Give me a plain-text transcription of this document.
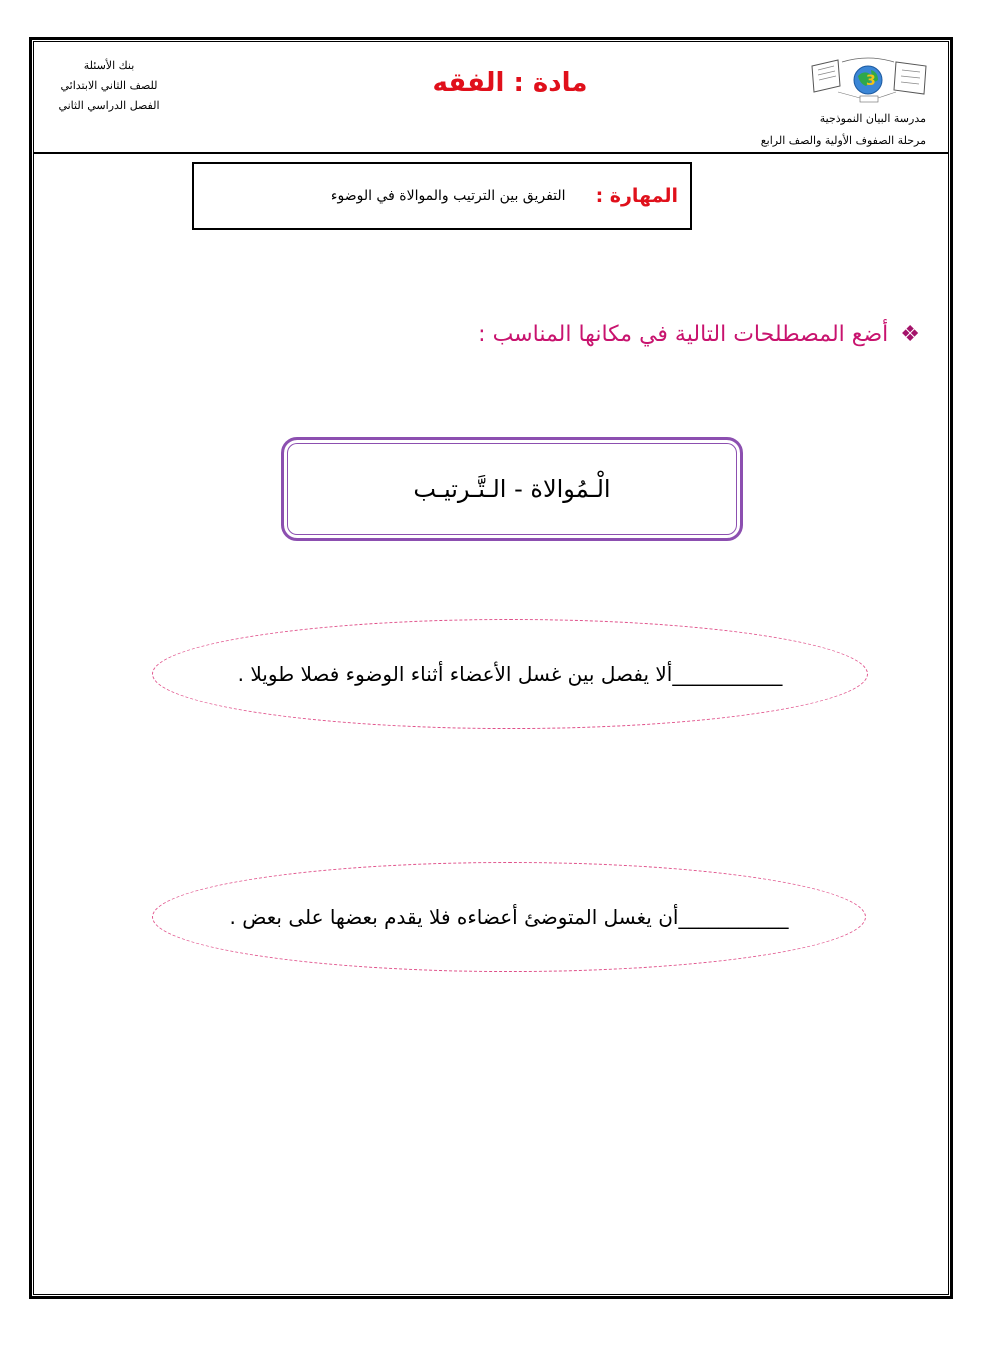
بنك الأسئلة
للصف الثاني الابتدائي
الفصل الدراسي الثاني
مادة : الفقه	3
مدرسة البيان النموذجية
مرحلة الصفوف الأولية والصف الرابع
المهارة :
التفريق بين الترتيب والموالاة في الوضوء
❖
أضع المصطلحات التالية في مكانها المناسب :
الْـمُوالاة - الـتَّـرتيـب
___________ألا يفصل بين غسل الأعضاء أثناء الوضوء فصلا طويلا .
___________أن يغسل المتوضئ أعضاءه فلا يقدم بعضها على بعض .
